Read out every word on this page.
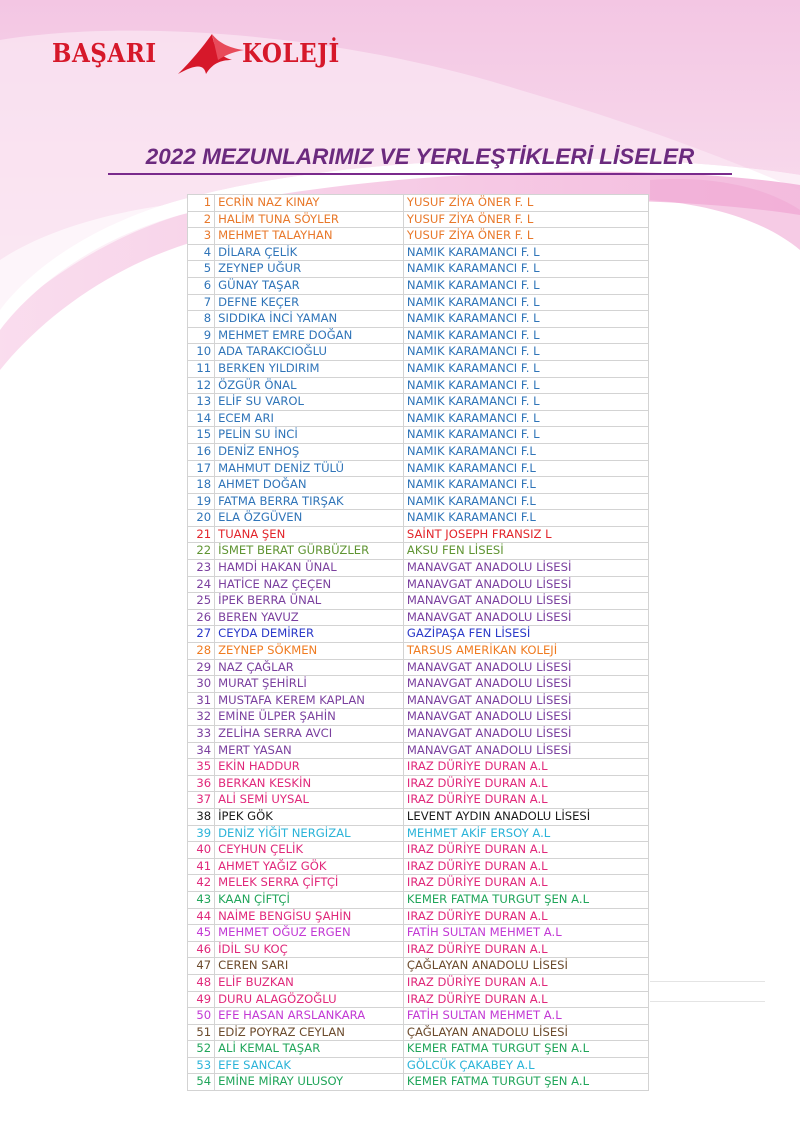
BAŞARI	KOLEJİ
2022 MEZUNLARIMIZ VE YERLEŞTİKLERİ LİSELER
1	ECRİN NAZ KINAY	YUSUF ZİYA ÖNER F. L
2	HALİM TUNA SÖYLER	YUSUF ZİYA ÖNER F. L
3	MEHMET TALAYHAN	YUSUF ZİYA ÖNER F. L
4	DİLARA ÇELİK	NAMIK KARAMANCI F. L
5	ZEYNEP UĞUR	NAMIK KARAMANCI F. L
6	GÜNAY TAŞAR	NAMIK KARAMANCI F. L
7	DEFNE KEÇER	NAMIK KARAMANCI F. L
8	SIDDIKA İNCİ YAMAN	NAMIK KARAMANCI F. L
9	MEHMET EMRE DOĞAN	NAMIK KARAMANCI F. L
10	ADA TARAKCIOĞLU	NAMIK KARAMANCI F. L
11	BERKEN YILDIRIM	NAMIK KARAMANCI F. L
12	ÖZGÜR ÖNAL	NAMIK KARAMANCI F. L
13	ELİF SU VAROL	NAMIK KARAMANCI F. L
14	ECEM ARI	NAMIK KARAMANCI F. L
15	PELİN SU İNCİ	NAMIK KARAMANCI F. L
16	DENİZ ENHOŞ	NAMIK KARAMANCI F.L
17	MAHMUT DENİZ TÜLÜ	NAMIK KARAMANCI F.L
18	AHMET DOĞAN	NAMIK KARAMANCI F.L
19	FATMA BERRA TIRŞAK	NAMIK KARAMANCI F.L
20	ELA ÖZGÜVEN	NAMIK KARAMANCI F.L
21	TUANA ŞEN	SAİNT JOSEPH FRANSIZ L
22	İSMET BERAT GÜRBÜZLER	AKSU FEN LİSESİ
23	HAMDİ HAKAN ÜNAL	MANAVGAT ANADOLU LİSESİ
24	HATİCE NAZ ÇEÇEN	MANAVGAT ANADOLU LİSESİ
25	İPEK BERRA ÜNAL	MANAVGAT ANADOLU LİSESİ
26	BEREN YAVUZ	MANAVGAT ANADOLU LİSESİ
27	CEYDA DEMİRER	GAZİPAŞA FEN LİSESİ
28	ZEYNEP SÖKMEN	TARSUS AMERİKAN KOLEJİ
29	NAZ ÇAĞLAR	MANAVGAT ANADOLU LİSESİ
30	MURAT ŞEHİRLİ	MANAVGAT ANADOLU LİSESİ
31	MUSTAFA KEREM KAPLAN	MANAVGAT ANADOLU LİSESİ
32	EMİNE ÜLPER ŞAHİN	MANAVGAT ANADOLU LİSESİ
33	ZELİHA SERRA AVCI	MANAVGAT ANADOLU LİSESİ
34	MERT YASAN	MANAVGAT ANADOLU LİSESİ
35	EKİN HADDUR	IRAZ DÜRİYE DURAN A.L
36	BERKAN KESKİN	IRAZ DÜRİYE DURAN A.L
37	ALİ SEMİ UYSAL	IRAZ DÜRİYE DURAN A.L
38	İPEK GÖK	LEVENT AYDIN ANADOLU LİSESİ
39	DENİZ YİĞİT NERGİZAL	MEHMET AKİF ERSOY A.L
40	CEYHUN ÇELİK	IRAZ DÜRİYE DURAN A.L
41	AHMET YAĞIZ GÖK	IRAZ DÜRİYE DURAN A.L
42	MELEK SERRA ÇİFTÇİ	IRAZ DÜRİYE DURAN A.L
43	KAAN ÇİFTÇİ	KEMER FATMA TURGUT ŞEN A.L
44	NAİME BENGİSU ŞAHİN	IRAZ DÜRİYE DURAN A.L
45	MEHMET OĞUZ ERGEN	FATİH SULTAN MEHMET A.L
46	İDİL SU KOÇ	IRAZ DÜRİYE DURAN A.L
47	CEREN SARI	ÇAĞLAYAN ANADOLU LİSESİ
48	ELİF BUZKAN	IRAZ DÜRİYE DURAN A.L
49	DURU ALAGÖZOĞLU	IRAZ DÜRİYE DURAN A.L
50	EFE HASAN ARSLANKARA	FATİH SULTAN MEHMET A.L
51	EDİZ POYRAZ CEYLAN	ÇAĞLAYAN ANADOLU LİSESİ
52	ALİ KEMAL TAŞAR	KEMER FATMA TURGUT ŞEN A.L
53	EFE SANCAK	GÖLCÜK ÇAKABEY A.L
54	EMİNE MİRAY ULUSOY	KEMER FATMA TURGUT ŞEN A.L
